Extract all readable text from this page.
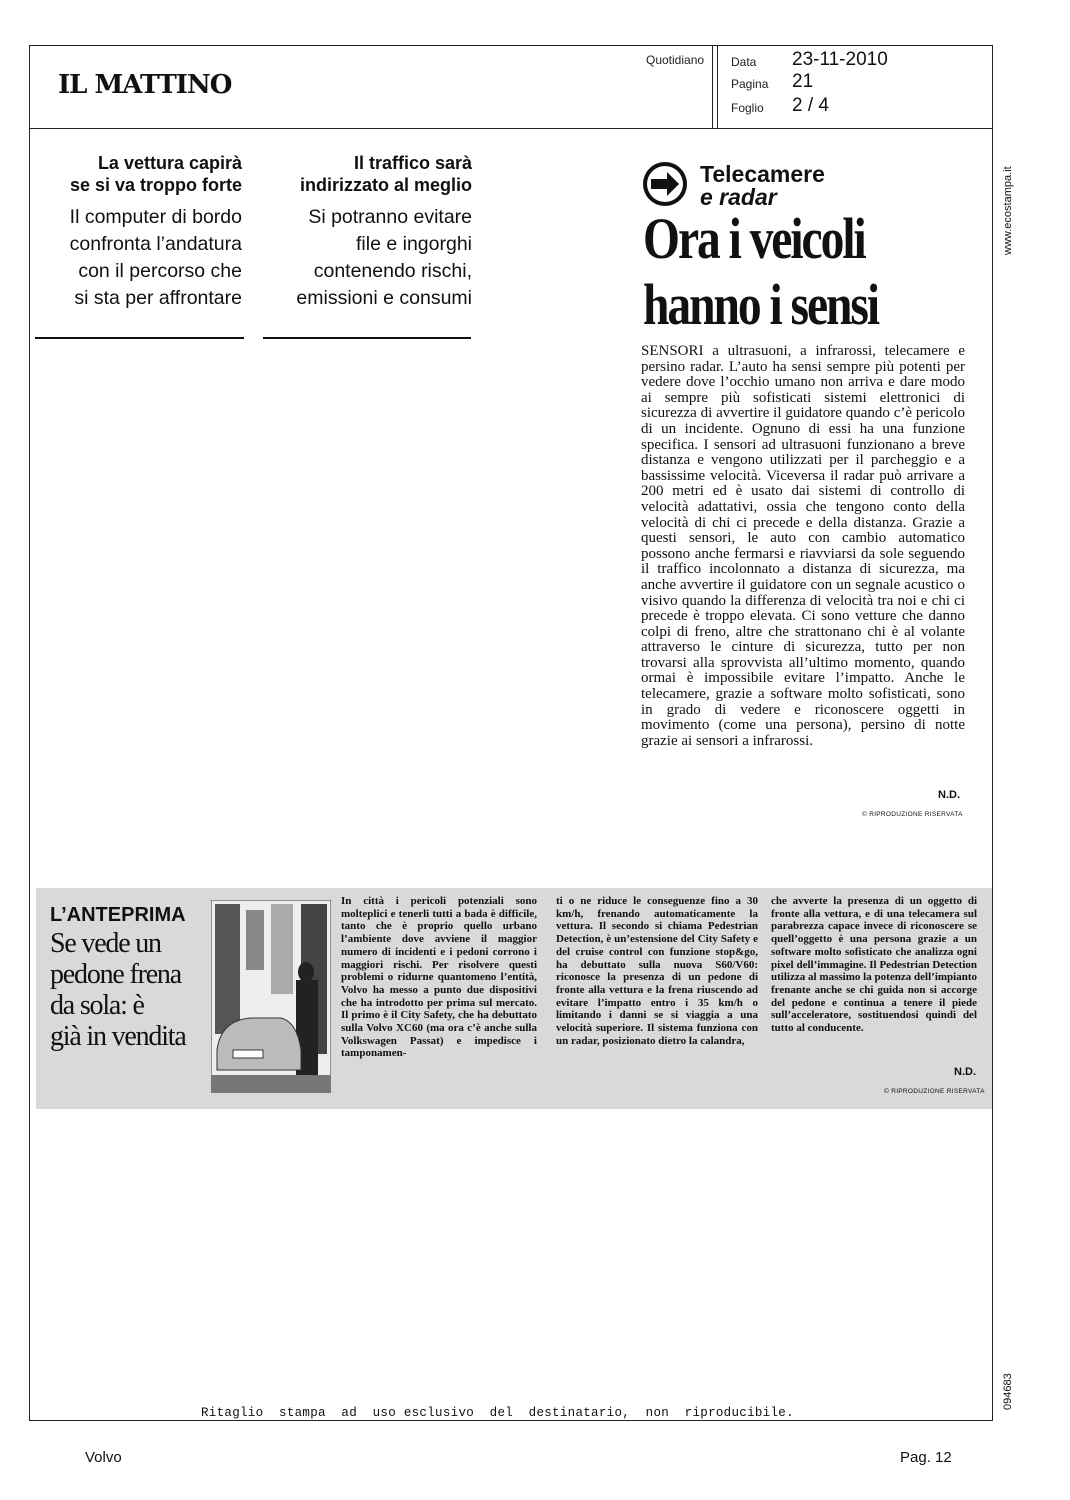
IL MATTINO
Quotidiano Data 23-11-2010
Pagina 21
Foglio 2 / 4
La vettura capirà
se si va troppo forte
Il computer di bordo
confronta l’andatura
con il percorso che
si sta per affrontare
Il traffico sarà
indirizzato al meglio
Si potranno evitare
file e ingorghi
contenendo rischi,
emissioni e consumi
Telecamere
e radar
Ora i veicoli
hanno i sensi
SENSORI a ultrasuoni, a infrarossi, telecamere e persino radar. L’auto ha sensi sempre più potenti per vedere dove l’occhio umano non arriva e dare modo ai sempre più sofisticati sistemi elettronici di sicurezza di avvertire il guidatore quando c’è pericolo di un incidente. Ognuno di essi ha una funzione specifica. I sensori ad ultrasuoni funzionano a breve distanza e vengono utilizzati per il parcheggio e a bassissime velocità. Viceversa il radar può arrivare a 200 metri ed è usato dai sistemi di controllo di velocità adattativi, ossia che tengono conto della velocità di chi ci precede e della distanza. Grazie a questi sensori, le auto con cambio automatico possono anche fermarsi e riavviarsi da sole seguendo il traffico incolonnato a distanza di sicurezza, ma anche avvertire il guidatore con un segnale acustico o visivo quando la differenza di velocità tra noi e chi ci precede è troppo elevata. Ci sono vetture che danno colpi di freno, altre che strattonano chi è al volante attraverso le cinture di sicurezza, tutto per non trovarsi alla sprovvista all’ultimo momento, quando ormai è impossibile evitare l’impatto. Anche le telecamere, grazie a software molto sofisticati, sono in grado di vedere e riconoscere oggetti in movimento (come una persona), persino di notte grazie ai sensori a infrarossi.
N.D.
© RIPRODUZIONE RISERVATA
L’ANTEPRIMA
Se vede un
pedone frena
da sola: è
già in vendita
In città i pericoli potenziali sono molteplici e tenerli tutti a bada è difficile, tanto che è proprio quello urbano l’ambiente dove avviene il maggior numero di incidenti e i pedoni corrono i maggiori rischi. Per risolvere questi problemi o ridurne quantomeno l’entità, Volvo ha messo a punto due dispositivi che ha introdotto per prima sul mercato. Il primo è il City Safety, che ha debuttato sulla Volvo XC60 (ma ora c’è anche sulla Volkswagen Passat) e impedisce i tamponamen-
ti o ne riduce le conseguenze fino a 30 km/h, frenando automaticamente la vettura. Il secondo si chiama Pedestrian Detection, è un’estensione del City Safety e del cruise control con funzione stop&go, ha debuttato sulla nuova S60/V60: riconosce la presenza di un pedone di fronte alla vettura e la frena riuscendo ad evitare l’impatto entro i 35 km/h o limitando i danni se si viaggia a una velocità superiore. Il sistema funziona con un radar, posizionato dietro la calandra,
che avverte la presenza di un oggetto di fronte alla vettura, e di una telecamera sul parabrezza capace invece di riconoscere se quell’oggetto è una persona grazie a un software molto sofisticato che analizza ogni pixel dell’immagine. Il Pedestrian Detection utilizza al massimo la potenza dell’impianto frenante anche se chi guida non si accorge del pedone e continua a tenere il piede sull’acceleratore, sostituendosi quindi del tutto al conducente.
N.D.
© RIPRODUZIONE RISERVATA
Ritaglio  stampa  ad  uso esclusivo  del  destinatario,  non  riproducibile.
Volvo	Pag. 12
www.ecostampa.it
094683
